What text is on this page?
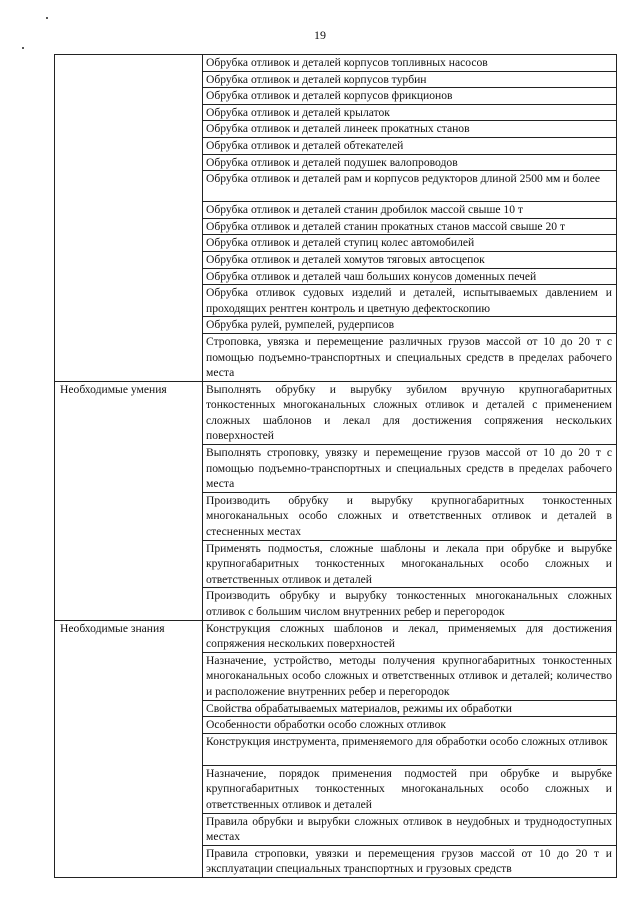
19
	Обрубка отливок и деталей корпусов топливных насосов
	Обрубка отливок и деталей корпусов турбин
	Обрубка отливок и деталей корпусов фрикционов
	Обрубка отливок и деталей крылаток
	Обрубка отливок и деталей линеек прокатных станов
	Обрубка отливок и деталей обтекателей
	Обрубка отливок и деталей подушек валопроводов
	Обрубка отливок и деталей рам и корпусов редукторов длиной 2500 мм и более
	Обрубка отливок и деталей станин дробилок массой свыше 10 т
	Обрубка отливок и деталей станин прокатных станов массой свыше 20 т
	Обрубка отливок и деталей ступиц колес автомобилей
	Обрубка отливок и деталей хомутов тяговых автосцепок
	Обрубка отливок и деталей чаш больших конусов доменных печей
	Обрубка отливок судовых изделий и деталей, испытываемых давлением и проходящих рентген контроль и цветную дефектоскопию
	Обрубка рулей, румпелей, рудерписов
	Строповка, увязка и перемещение различных грузов массой от 10 до 20 т с помощью подъемно-транспортных и специальных средств в пределах рабочего места
Необходимые умения	Выполнять обрубку и вырубку зубилом вручную крупногабаритных тонкостенных многоканальных сложных отливок и деталей с применением сложных шаблонов и лекал для достижения сопряжения нескольких поверхностей
	Выполнять строповку, увязку и перемещение грузов массой от 10 до 20 т с помощью подъемно-транспортных и специальных средств в пределах рабочего места
	Производить обрубку и вырубку крупногабаритных тонкостенных многоканальных особо сложных и ответственных отливок и деталей в стесненных местах
	Применять подмостья, сложные шаблоны и лекала при обрубке и вырубке крупногабаритных тонкостенных многоканальных особо сложных и ответственных отливок и деталей
	Производить обрубку и вырубку тонкостенных многоканальных сложных отливок с большим числом внутренних ребер и перегородок
Необходимые знания	Конструкция сложных шаблонов и лекал, применяемых для достижения сопряжения нескольких поверхностей
	Назначение, устройство, методы получения крупногабаритных тонкостенных многоканальных особо сложных и ответственных отливок и деталей; количество и расположение внутренних ребер и перегородок
	Свойства обрабатываемых материалов, режимы их обработки
	Особенности обработки особо сложных отливок
	Конструкция инструмента, применяемого для обработки особо сложных отливок
	Назначение, порядок применения подмостей при обрубке и вырубке крупногабаритных тонкостенных многоканальных особо сложных и ответственных отливок и деталей
	Правила обрубки и вырубки сложных отливок в неудобных и труднодоступных местах
	Правила строповки, увязки и перемещения грузов массой от 10 до 20 т и эксплуатации специальных транспортных и грузовых средств
